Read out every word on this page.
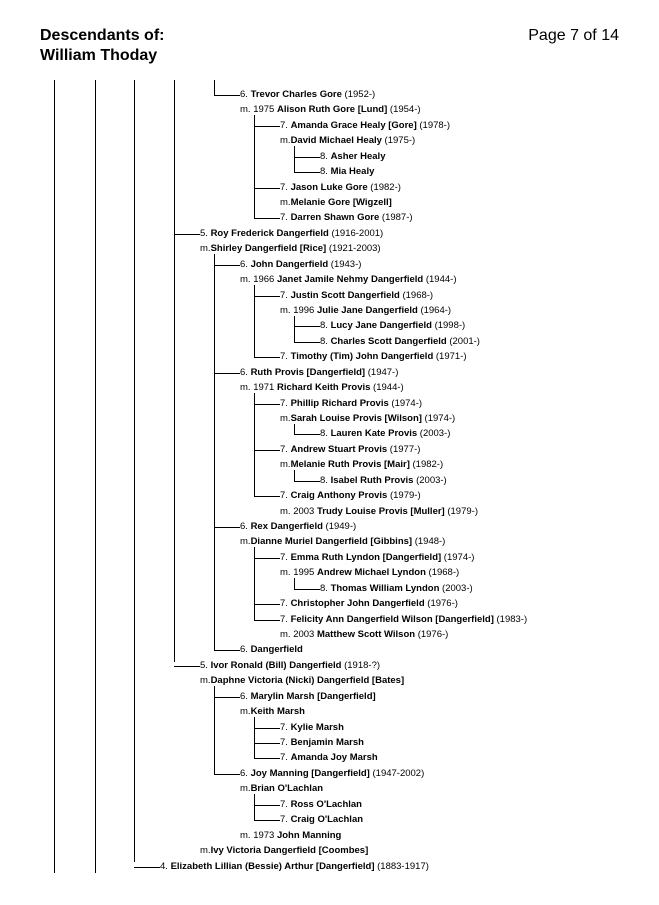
Descendants of:
William Thoday
Page 7 of 14
6. Trevor Charles Gore (1952-)
m. 1975 Alison Ruth Gore [Lund] (1954-)
7. Amanda Grace Healy [Gore] (1978-)
m.David Michael Healy (1975-)
8. Asher Healy
8. Mia Healy
7. Jason Luke Gore (1982-)
m.Melanie Gore [Wigzell]
7. Darren Shawn Gore (1987-)
5. Roy Frederick Dangerfield (1916-2001)
m.Shirley Dangerfield [Rice] (1921-2003)
6. John Dangerfield (1943-)
m. 1966 Janet Jamile Nehmy Dangerfield (1944-)
7. Justin Scott Dangerfield (1968-)
m. 1996 Julie Jane Dangerfield (1964-)
8. Lucy Jane Dangerfield (1998-)
8. Charles Scott Dangerfield (2001-)
7. Timothy (Tim) John Dangerfield (1971-)
6. Ruth Provis [Dangerfield] (1947-)
m. 1971 Richard Keith Provis (1944-)
7. Phillip Richard Provis (1974-)
m.Sarah Louise Provis [Wilson] (1974-)
8. Lauren Kate Provis (2003-)
7. Andrew Stuart Provis (1977-)
m.Melanie Ruth Provis [Mair] (1982-)
8. Isabel Ruth Provis (2003-)
7. Craig Anthony Provis (1979-)
m. 2003 Trudy Louise Provis [Muller] (1979-)
6. Rex Dangerfield (1949-)
m.Dianne Muriel Dangerfield [Gibbins] (1948-)
7. Emma Ruth Lyndon [Dangerfield] (1974-)
m. 1995 Andrew Michael Lyndon (1968-)
8. Thomas William Lyndon (2003-)
7. Christopher John Dangerfield (1976-)
7. Felicity Ann Dangerfield Wilson [Dangerfield] (1983-)
m. 2003 Matthew Scott Wilson (1976-)
6. Dangerfield
5. Ivor Ronald (Bill) Dangerfield (1918-?)
m.Daphne Victoria (Nicki) Dangerfield [Bates]
6. Marylin Marsh [Dangerfield]
m.Keith Marsh
7. Kylie Marsh
7. Benjamin Marsh
7. Amanda Joy Marsh
6. Joy Manning [Dangerfield] (1947-2002)
m.Brian O'Lachlan
7. Ross O'Lachlan
7. Craig O'Lachlan
m. 1973 John Manning
m.Ivy Victoria Dangerfield [Coombes]
4. Elizabeth Lillian (Bessie) Arthur [Dangerfield] (1883-1917)
